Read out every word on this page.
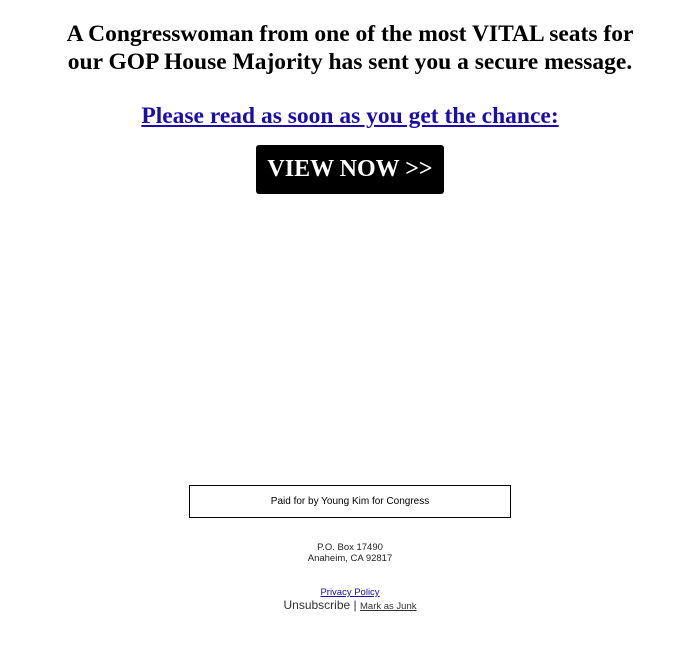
A Congresswoman from one of the most VITAL seats for
our GOP House Majority has sent you a secure message.
Please read as soon as you get the chance:
VIEW NOW >>
Paid for by Young Kim for Congress
P.O. Box 17490
Anaheim, CA 92817
Privacy Policy
Unsubscribe | Mark as Junk
